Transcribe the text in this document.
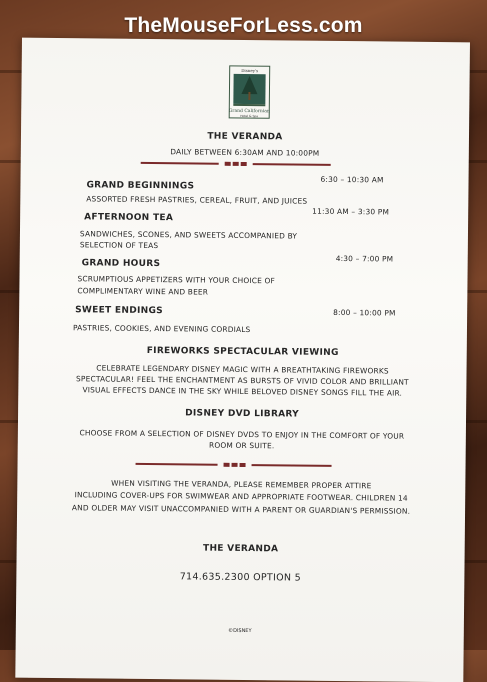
Disney's
Grand Californian
Hotel & Spa
THE VERANDA
DAILY BETWEEN 6:30AM AND 10:00PM
6:30 – 10:30 AM
GRAND BEGINNINGS
ASSORTED FRESH PASTRIES, CEREAL, FRUIT, AND JUICES
11:30 AM – 3:30 PM
AFTERNOON TEA
SANDWICHES, SCONES, AND SWEETS ACCOMPANIED BY
SELECTION OF TEAS
4:30 – 7:00 PM
GRAND HOURS
SCRUMPTIOUS APPETIZERS WITH YOUR CHOICE OF
COMPLIMENTARY WINE AND BEER
8:00 – 10:00 PM
SWEET ENDINGS
PASTRIES, COOKIES, AND EVENING CORDIALS
FIREWORKS SPECTACULAR VIEWING
CELEBRATE LEGENDARY DISNEY MAGIC WITH A BREATHTAKING FIREWORKS
SPECTACULAR! FEEL THE ENCHANTMENT AS BURSTS OF VIVID COLOR AND BRILLIANT
VISUAL EFFECTS DANCE IN THE SKY WHILE BELOVED DISNEY SONGS FILL THE AIR.
DISNEY DVD LIBRARY
CHOOSE FROM A SELECTION OF DISNEY DVDS TO ENJOY IN THE COMFORT OF YOUR
ROOM OR SUITE.
WHEN VISITING THE VERANDA, PLEASE REMEMBER PROPER ATTIRE
INCLUDING COVER-UPS FOR SWIMWEAR AND APPROPRIATE FOOTWEAR. CHILDREN 14
AND OLDER MAY VISIT UNACCOMPANIED WITH A PARENT OR GUARDIAN'S PERMISSION.
THE VERANDA
714.635.2300 OPTION 5
©DISNEY
TheMouseForLess.com
